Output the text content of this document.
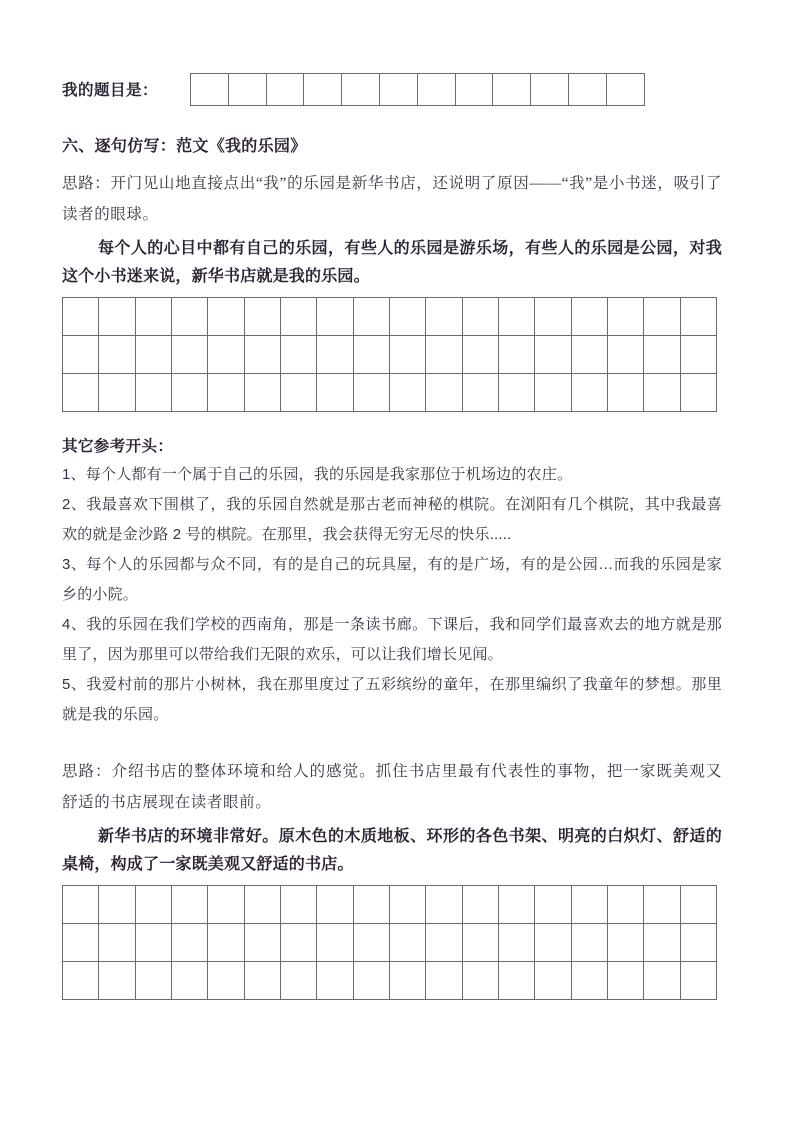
我的题目是：

六、逐句仿写：范文《我的乐园》
思路：开门见山地直接点出“我”的乐园是新华书店，还说明了原因——“我”是小书迷，吸引了读者的眼球。
每个人的心目中都有自己的乐园，有些人的乐园是游乐场，有些人的乐园是公园，对我这个小书迷来说，新华书店就是我的乐园。

其它参考开头：

1、每个人都有一个属于自己的乐园，我的乐园是我家那位于机场边的农庄。

2、我最喜欢下围棋了，我的乐园自然就是那古老而神秘的棋院。在浏阳有几个棋院，其中我最喜欢的就是金沙路 2 号的棋院。在那里，我会获得无穷无尽的快乐.....

3、每个人的乐园都与众不同，有的是自己的玩具屋，有的是广场，有的是公园…而我的乐园是家乡的小院。

4、我的乐园在我们学校的西南角，那是一条读书廊。下课后，我和同学们最喜欢去的地方就是那里了，因为那里可以带给我们无限的欢乐，可以让我们增长见闻。

5、我爱村前的那片小树林，我在那里度过了五彩缤纷的童年，在那里编织了我童年的梦想。那里就是我的乐园。

思路：介绍书店的整体环境和给人的感觉。抓住书店里最有代表性的事物，把一家既美观又舒适的书店展现在读者眼前。
新华书店的环境非常好。原木色的木质地板、环形的各色书架、明亮的白炽灯、舒适的桌椅，构成了一家既美观又舒适的书店。
